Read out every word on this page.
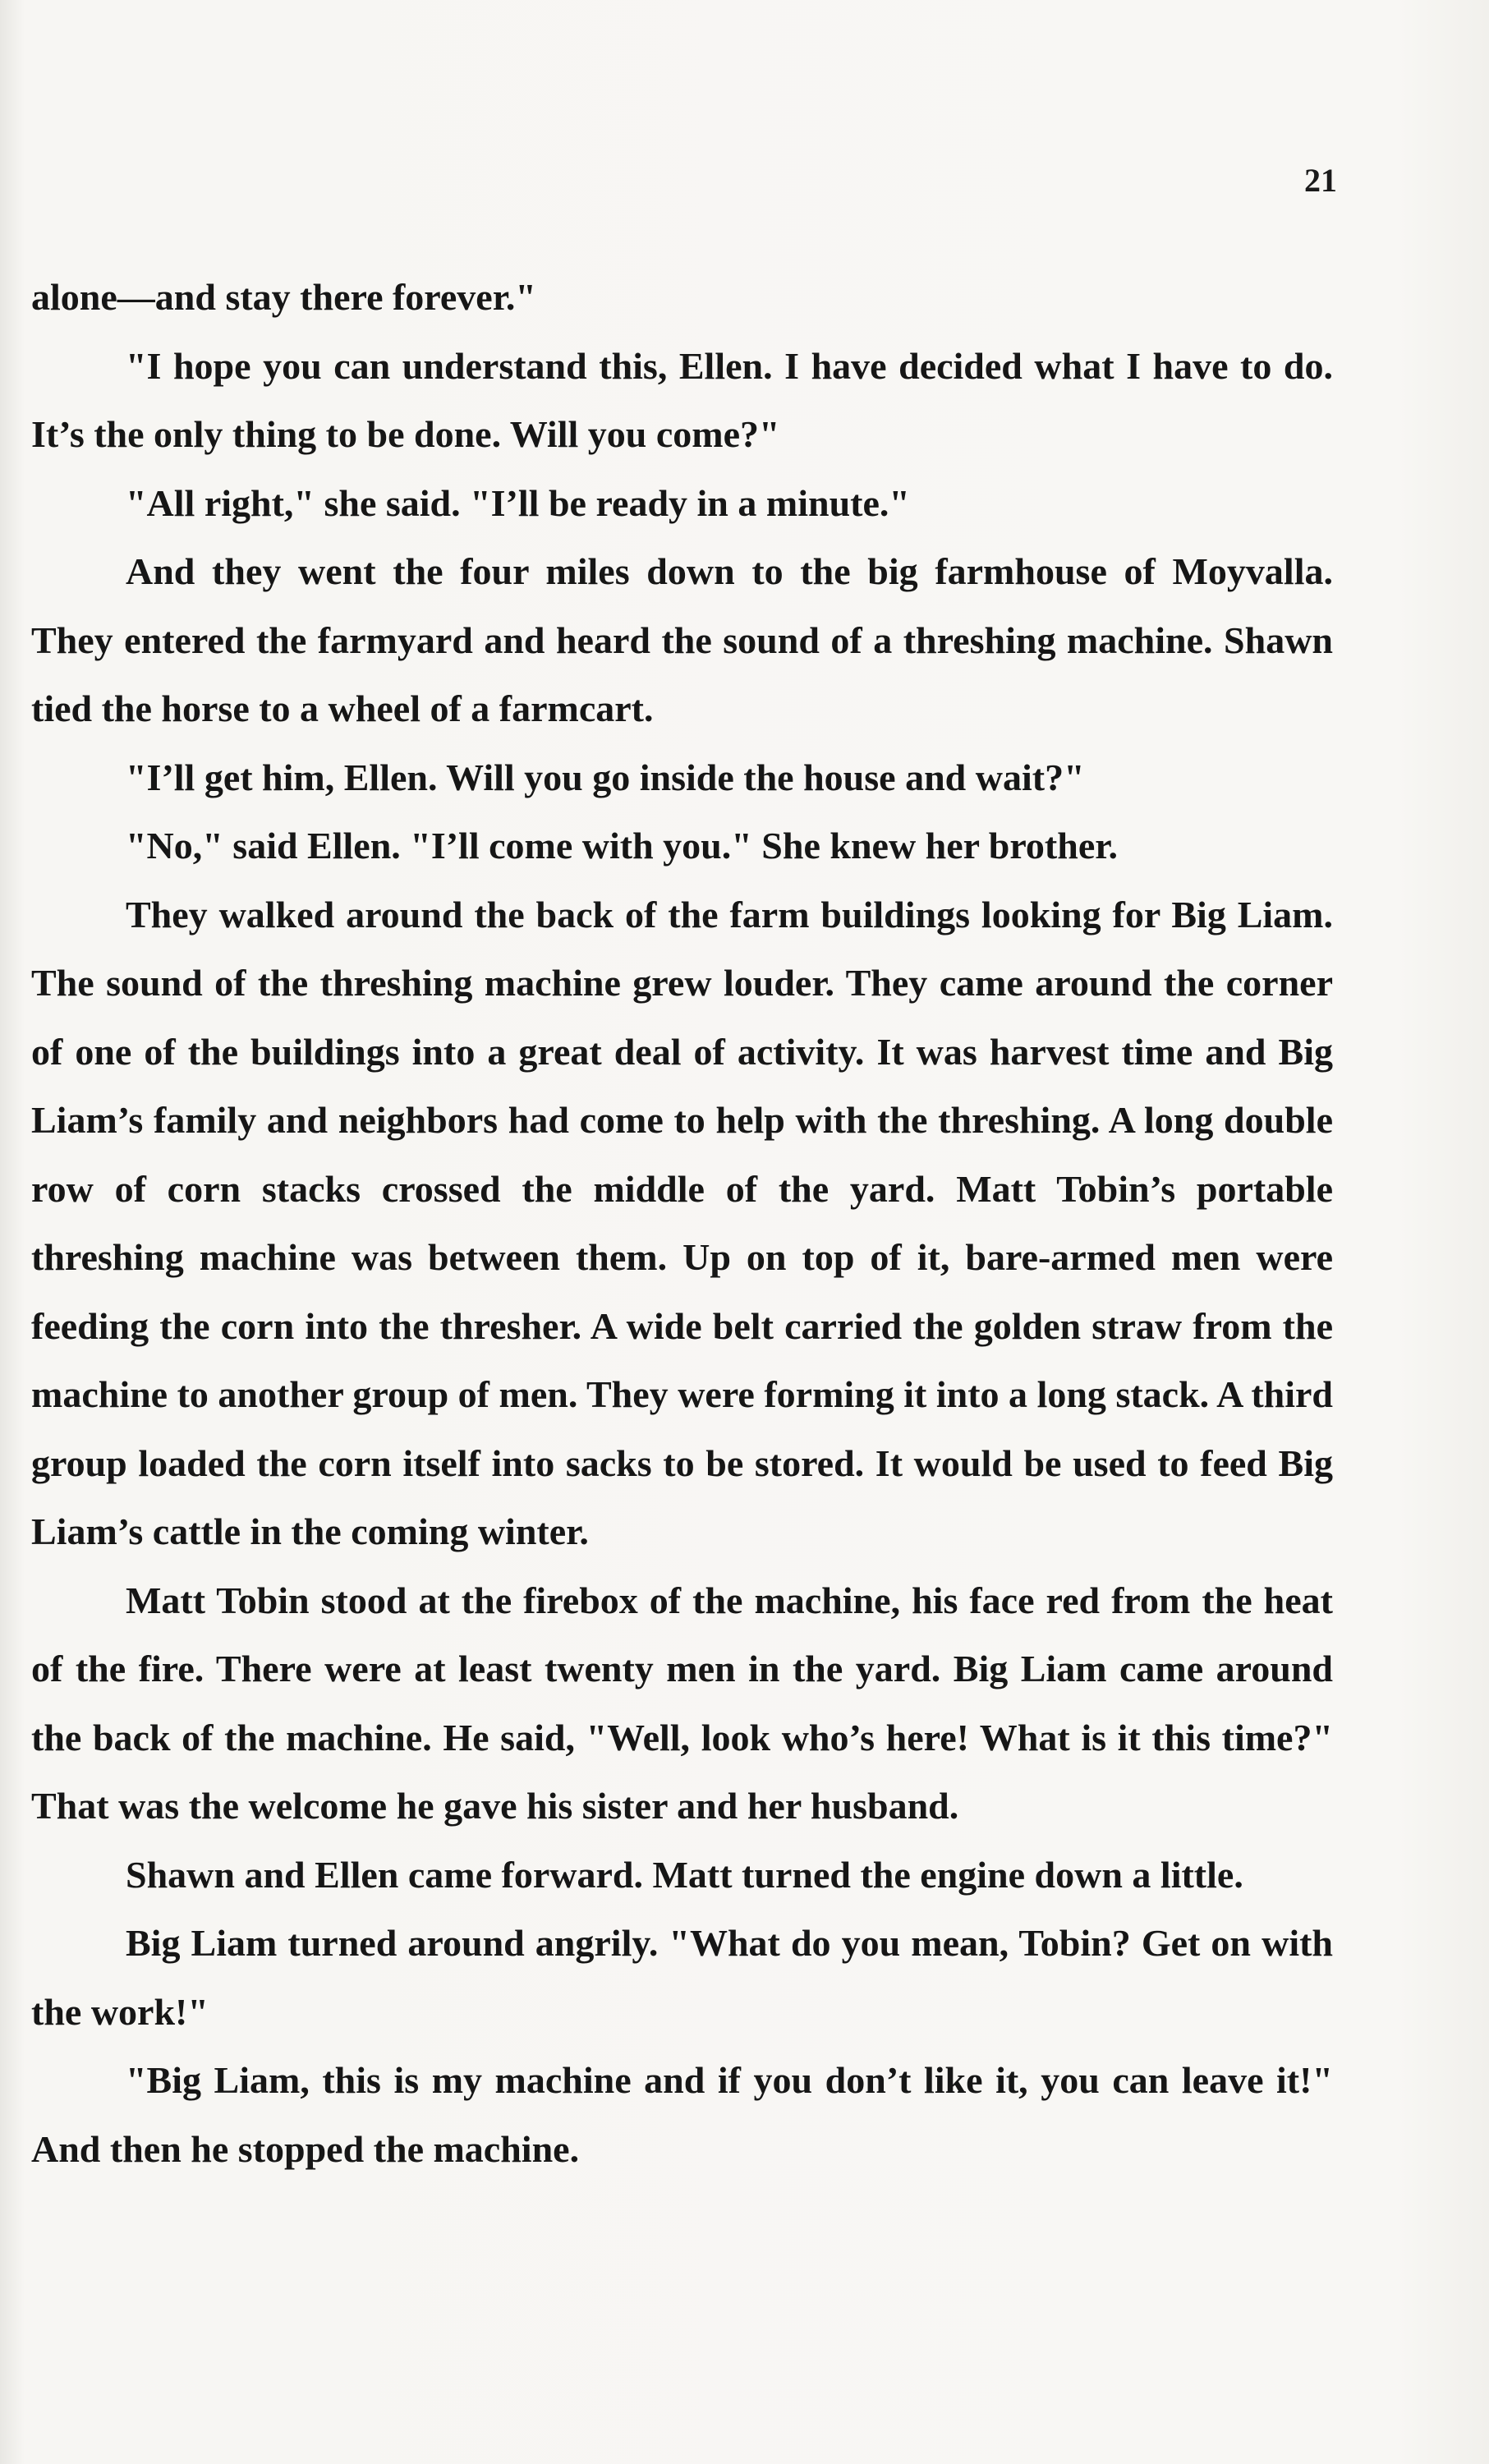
21

alone—and stay there forever."

"I hope you can understand this, Ellen. I have decided what I have to do. It’s the only thing to be done. Will you come?"

"All right," she said. "I’ll be ready in a minute."

And they went the four miles down to the big farmhouse of Moyvalla. They entered the farmyard and heard the sound of a threshing machine. Shawn tied the horse to a wheel of a farmcart.

"I’ll get him, Ellen. Will you go inside the house and wait?"

"No," said Ellen. "I’ll come with you." She knew her brother.

They walked around the back of the farm buildings looking for Big Liam. The sound of the threshing machine grew louder. They came around the corner of one of the buildings into a great deal of activity. It was harvest time and Big Liam’s family and neighbors had come to help with the threshing. A long double row of corn stacks crossed the middle of the yard. Matt Tobin’s portable threshing machine was between them. Up on top of it, bare-armed men were feeding the corn into the thresher. A wide belt carried the golden straw from the machine to another group of men. They were forming it into a long stack. A third group loaded the corn itself into sacks to be stored. It would be used to feed Big Liam’s cattle in the coming winter.

Matt Tobin stood at the firebox of the machine, his face red from the heat of the fire. There were at least twenty men in the yard. Big Liam came around the back of the machine. He said, "Well, look who’s here! What is it this time?" That was the welcome he gave his sister and her husband.

Shawn and Ellen came forward. Matt turned the engine down a little.

Big Liam turned around angrily. "What do you mean, Tobin? Get on with the work!"

"Big Liam, this is my machine and if you don’t like it, you can leave it!" And then he stopped the machine.
